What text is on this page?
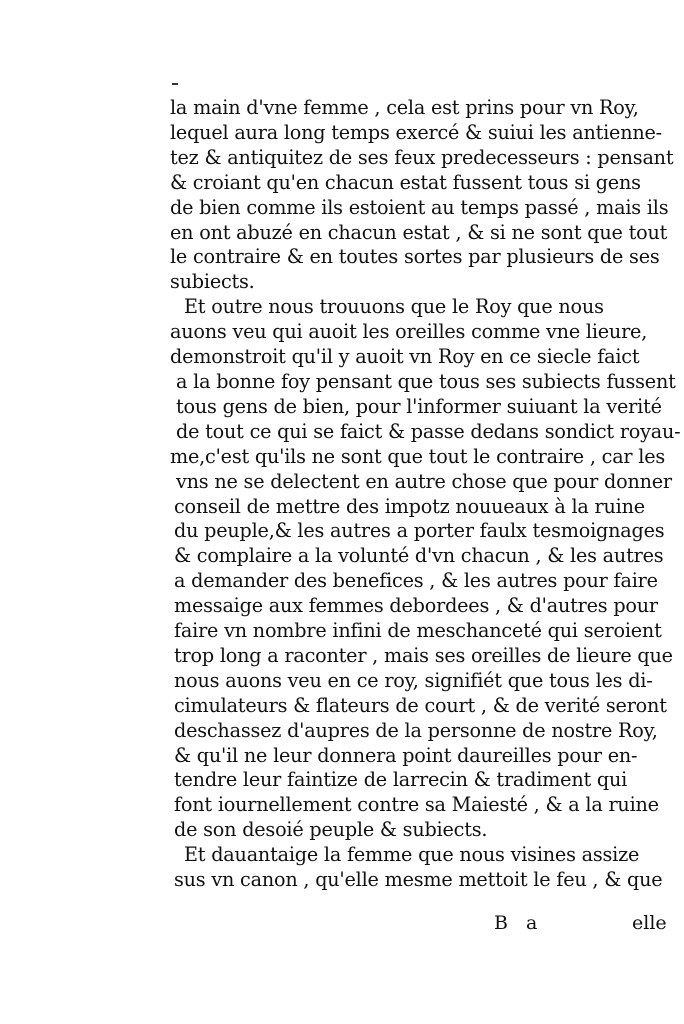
la main d'vne femme , cela est prins pour vn Roy,
lequel aura long temps exercé & suiui les antienne-
tez & antiquitez de ses feux predecesseurs : pensant
& croiant qu'en chacun estat fussent tous si gens
de bien comme ils estoient au temps passé , mais ils
en ont abuzé en chacun estat , & si ne sont que tout
le contraire & en toutes sortes par plusieurs de ses
subiects.
Et outre nous trouuons que le Roy que nous
auons veu qui auoit les oreilles comme vne lieure,
demonstroit qu'il y auoit vn Roy en ce siecle faict
a la bonne foy pensant que tous ses subiects fussent
tous gens de bien, pour l'informer suiuant la verité
de tout ce qui se faict & passe dedans sondict royau-
me,c'est qu'ils ne sont que tout le contraire , car les
vns ne se delectent en autre chose que pour donner
conseil de mettre des impotz nouueaux à la ruine
du peuple,& les autres a porter faulx tesmoignages
& complaire a la volunté d'vn chacun , & les autres
a demander des benefices , & les autres pour faire
messaige aux femmes debordees , & d'autres pour
faire vn nombre infini de meschanceté qui seroient
trop long a raconter , mais ses oreilles de lieure que
nous auons veu en ce roy, signifiét que tous les di-
cimulateurs & flateurs de court , & de verité seront
deschassez d'aupres de la personne de nostre Roy,
& qu'il ne leur donnera point daureilles pour en-
tendre leur faintize de larrecin & tradiment qui
font iournellement contre sa Maiesté , & a la ruine
de son desoié peuple & subiects.
Et dauantaige la femme que nous visines assize
sus vn canon , qu'elle mesme mettoit le feu , & que
B a	elle
